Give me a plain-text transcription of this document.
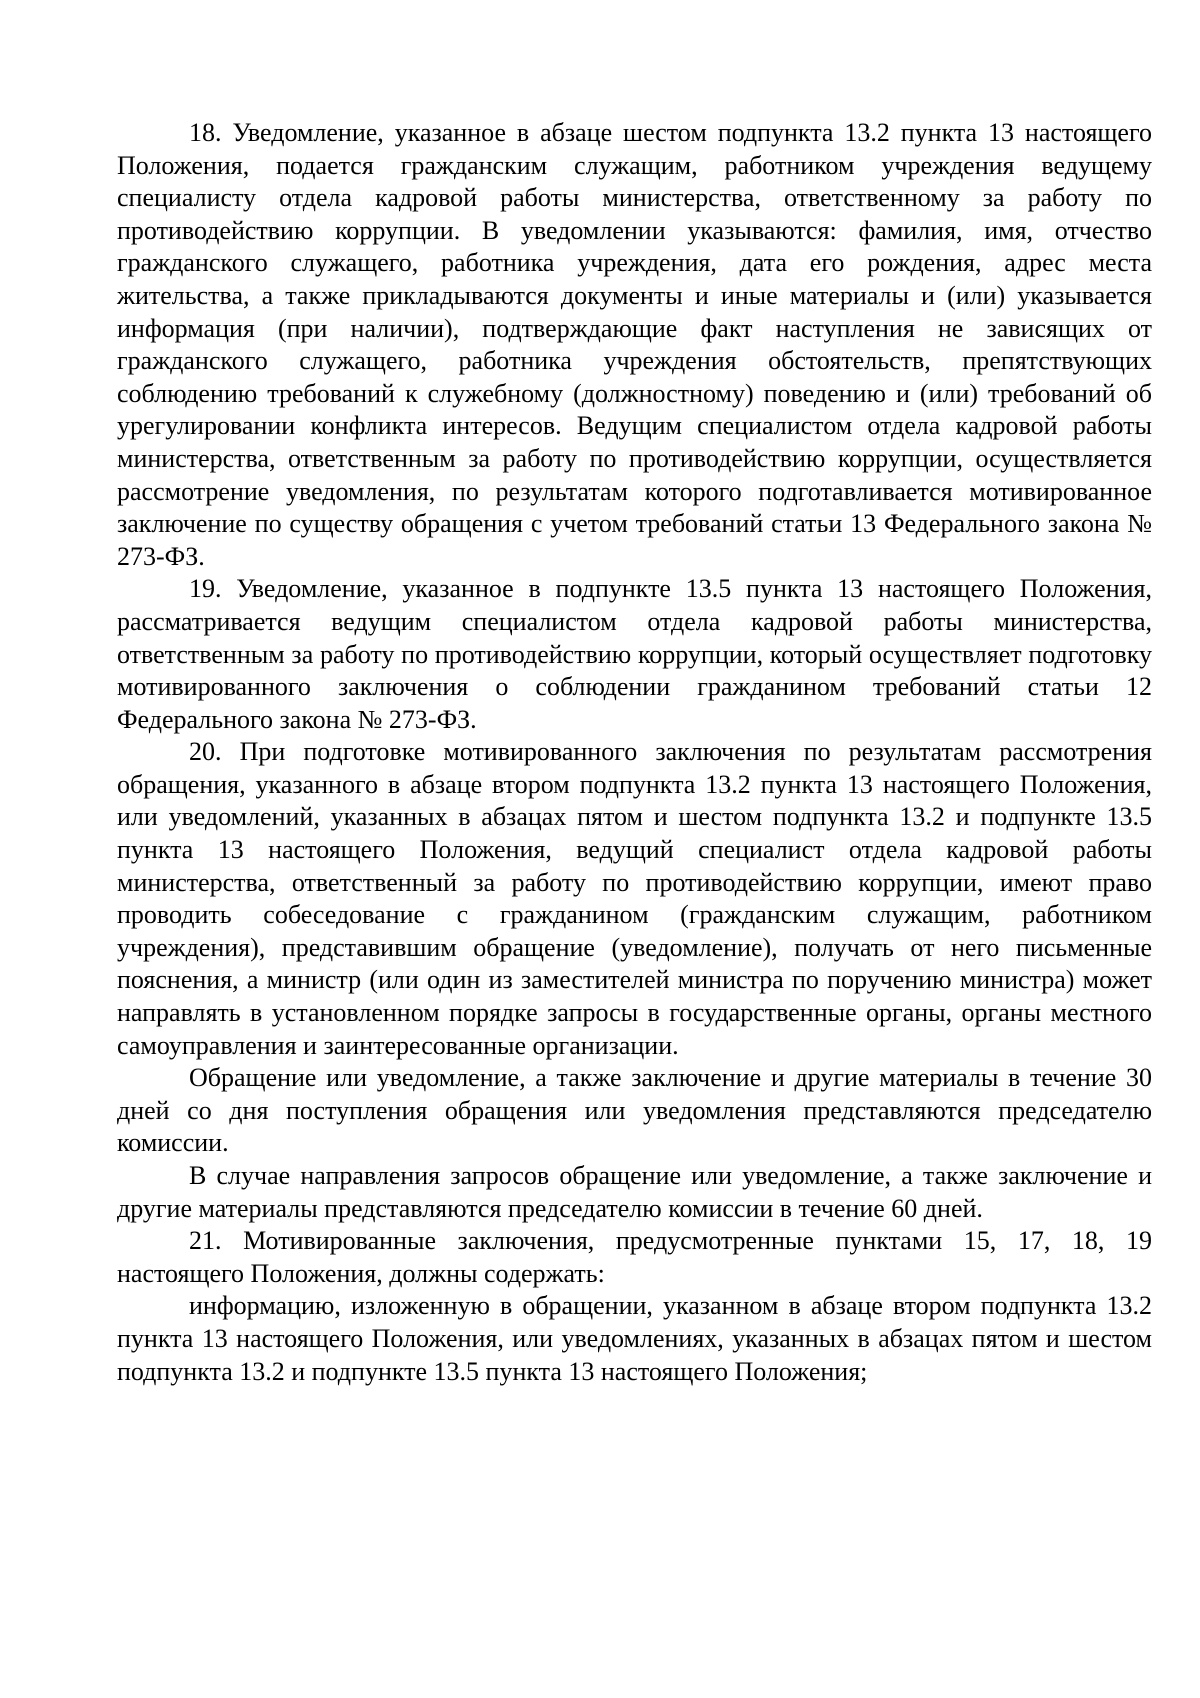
18. Уведомление, указанное в абзаце шестом подпункта 13.2 пункта 13 настоящего Положения, подается гражданским служащим, работником учреждения ведущему специалисту отдела кадровой работы министерства, ответственному за работу по противодействию коррупции. В уведомлении указываются: фамилия, имя, отчество гражданского служащего, работника учреждения, дата его рождения, адрес места жительства, а также прикладываются документы и иные материалы и (или) указывается информация (при наличии), подтверждающие факт наступления не зависящих от гражданского служащего, работника учреждения обстоятельств, препятствующих соблюдению требований к служебному (должностному) поведению и (или) требований об урегулировании конфликта интересов. Ведущим специалистом отдела кадровой работы министерства, ответственным за работу по противодействию коррупции, осуществляется рассмотрение уведомления, по результатам которого подготавливается мотивированное заключение по существу обращения с учетом требований статьи 13 Федерального закона № 273-ФЗ.

19. Уведомление, указанное в подпункте 13.5 пункта 13 настоящего Положения, рассматривается ведущим специалистом отдела кадровой работы министерства, ответственным за работу по противодействию коррупции, который осуществляет подготовку мотивированного заключения о соблюдении гражданином требований статьи 12 Федерального закона № 273-ФЗ.

20. При подготовке мотивированного заключения по результатам рассмотрения обращения, указанного в абзаце втором подпункта 13.2 пункта 13 настоящего Положения, или уведомлений, указанных в абзацах пятом и шестом подпункта 13.2 и подпункте 13.5 пункта 13 настоящего Положения, ведущий специалист отдела кадровой работы министерства, ответственный за работу по противодействию коррупции, имеют право проводить собеседование с гражданином (гражданским служащим, работником учреждения), представившим обращение (уведомление), получать от него письменные пояснения, а министр (или один из заместителей министра по поручению министра) может направлять в установленном порядке запросы в государственные органы, органы местного самоуправления и заинтересованные организации.

Обращение или уведомление, а также заключение и другие материалы в течение 30 дней со дня поступления обращения или уведомления представляются председателю комиссии.

В случае направления запросов обращение или уведомление, а также заключение и другие материалы представляются председателю комиссии в течение 60 дней.

21. Мотивированные заключения, предусмотренные пунктами 15, 17, 18, 19 настоящего Положения, должны содержать:

информацию, изложенную в обращении, указанном в абзаце втором подпункта 13.2 пункта 13 настоящего Положения, или уведомлениях, указанных в абзацах пятом и шестом подпункта 13.2 и подпункте 13.5 пункта 13 настоящего Положения;
